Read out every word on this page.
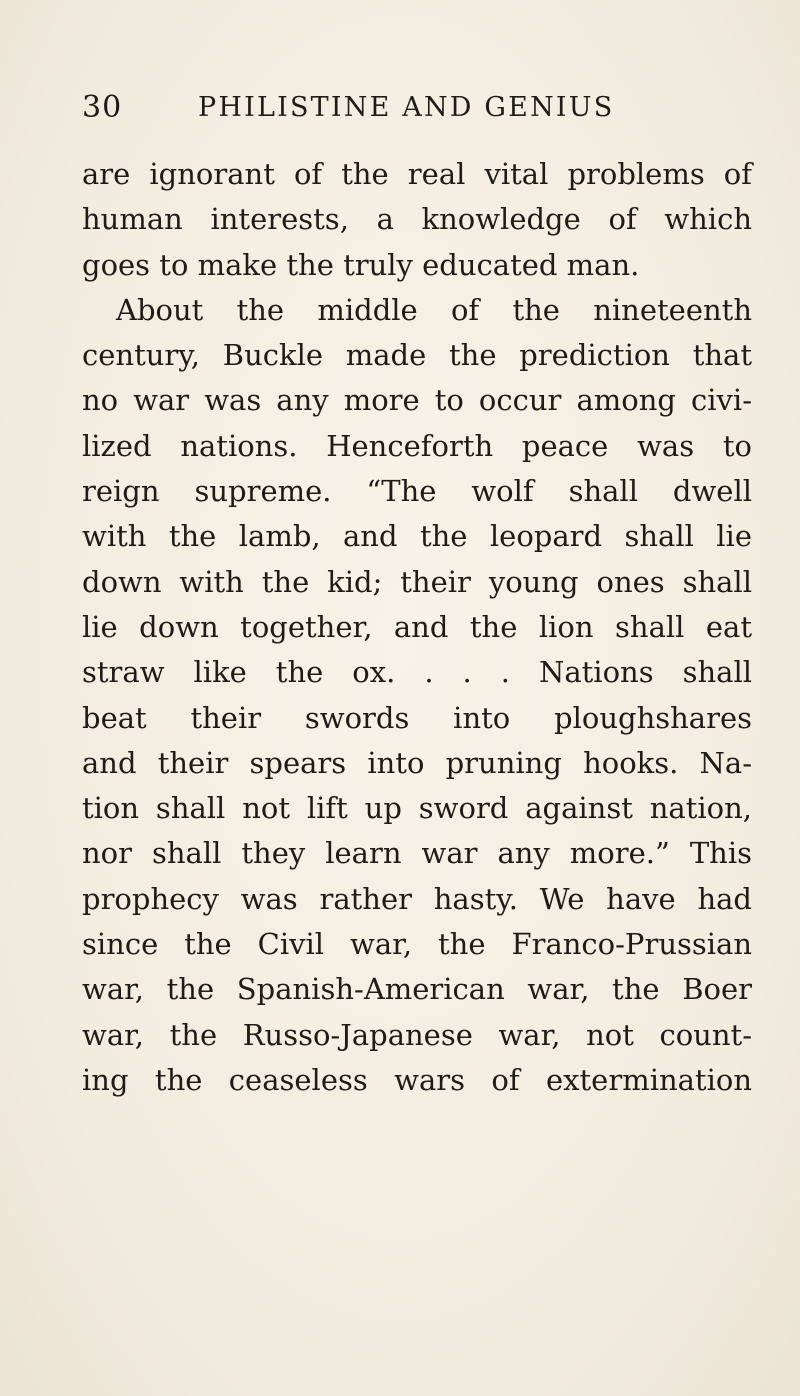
30	PHILISTINE AND GENIUS
are ignorant of the real vital problems of
human interests, a knowledge of which
goes to make the truly educated man.
About the middle of the nineteenth
century, Buckle made the prediction that
no war was any more to occur among civi-
lized nations. Henceforth peace was to
reign supreme. “The wolf shall dwell
with the lamb, and the leopard shall lie
down with the kid; their young ones shall
lie down together, and the lion shall eat
straw like the ox. . . . Nations shall
beat their swords into ploughshares
and their spears into pruning hooks. Na-
tion shall not lift up sword against nation,
nor shall they learn war any more.” This
prophecy was rather hasty. We have had
since the Civil war, the Franco-Prussian
war, the Spanish-American war, the Boer
war, the Russo-Japanese war, not count-
ing the ceaseless wars of extermination
